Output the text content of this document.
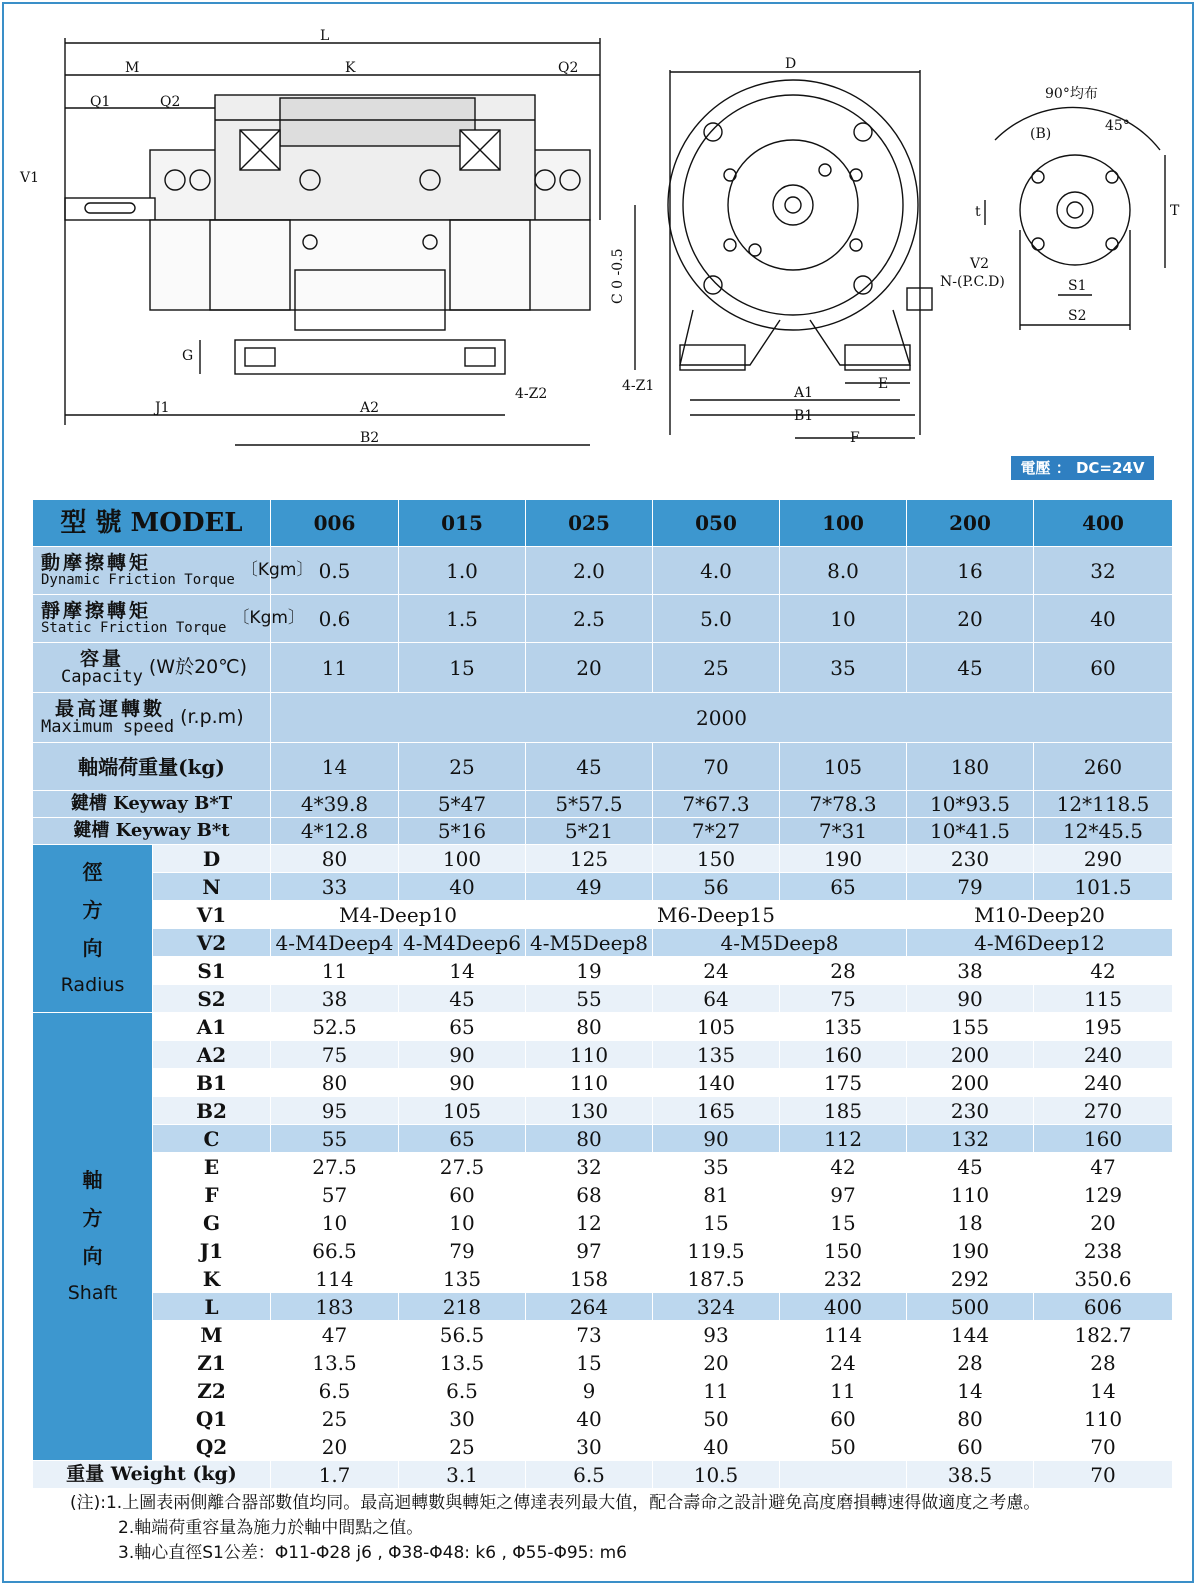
L
M	K	Q2
Q1	Q2
V1
G
J1	A2
B2
4-Z2
D
C 0 -0.5
4-Z1	A1
B1
E
F
90°均布
(B)	45°
t	T
V2
N-(P.C.D)	S1
S2
電壓 ： DC=24V
型 號 MODEL		006	015	025	050	100	200	400

動摩擦轉矩
Dynamic Friction Torque 〔Kgm〕		0.5	1.0	2.0	4.0	8.0	16	32

靜摩擦轉矩
Static Friction Torque 〔Kgm〕		0.6	1.5	2.5	5.0	10	20	40

容量
Capacity (W於20℃)		11	15	20	25	35	45	60

最高運轉數
Maximum speed (r.p.m)		2000						
軸端荷重量(kg)		14	25	45	70	105	180	260
鍵槽 Keyway B*T		4*39.8	5*47	5*57.5	7*67.3	7*78.3	10*93.5	12*118.5
鍵槽 Keyway B*t		4*12.8	5*16	5*21	7*27	7*31	10*41.5	12*45.5

徑
方
向
Radius	D	80	100	125	150	190	230	290
	N	33	40	49	56	65	79	101.5
	V1	M4-Deep10		M6-Deep15			M10-Deep20	
	V2	4-M4Deep4	4-M4Deep6	4-M5Deep8	4-M5Deep8		4-M6Deep12	
	S1	11	14	19	24	28	38	42
	S2	38	45	55	64	75	90	115

軸
方
向
Shaft	A1	52.5	65	80	105	135	155	195
	A2	75	90	110	135	160	200	240
	B1	80	90	110	140	175	200	240
	B2	95	105	130	165	185	230	270
	C	55	65	80	90	112	132	160
	E	27.5	27.5	32	35	42	45	47
	F	57	60	68	81	97	110	129
	G	10	10	12	15	15	18	20
	J1	66.5	79	97	119.5	150	190	238
	K	114	135	158	187.5	232	292	350.6
	L	183	218	264	324	400	500	606
	M	47	56.5	73	93	114	144	182.7
	Z1	13.5	13.5	15	20	24	28	28
	Z2	6.5	6.5	9	11	11	14	14
	Q1	25	30	40	50	60	80	110
	Q2	20	25	30	40	50	60	70
重量 Weight (kg)		1.7	3.1	6.5	10.5		38.5	70
(注):1.上圖表兩側離合器部數值均同。最高迴轉數與轉矩之傳達表列最大值，配合壽命之設計避免高度磨損轉速得做適度之考慮。
2.軸端荷重容量為施力於軸中間點之值。
3.軸心直徑S1公差：Φ11-Φ28 j6 , Φ38-Φ48: k6 , Φ55-Φ95: m6
